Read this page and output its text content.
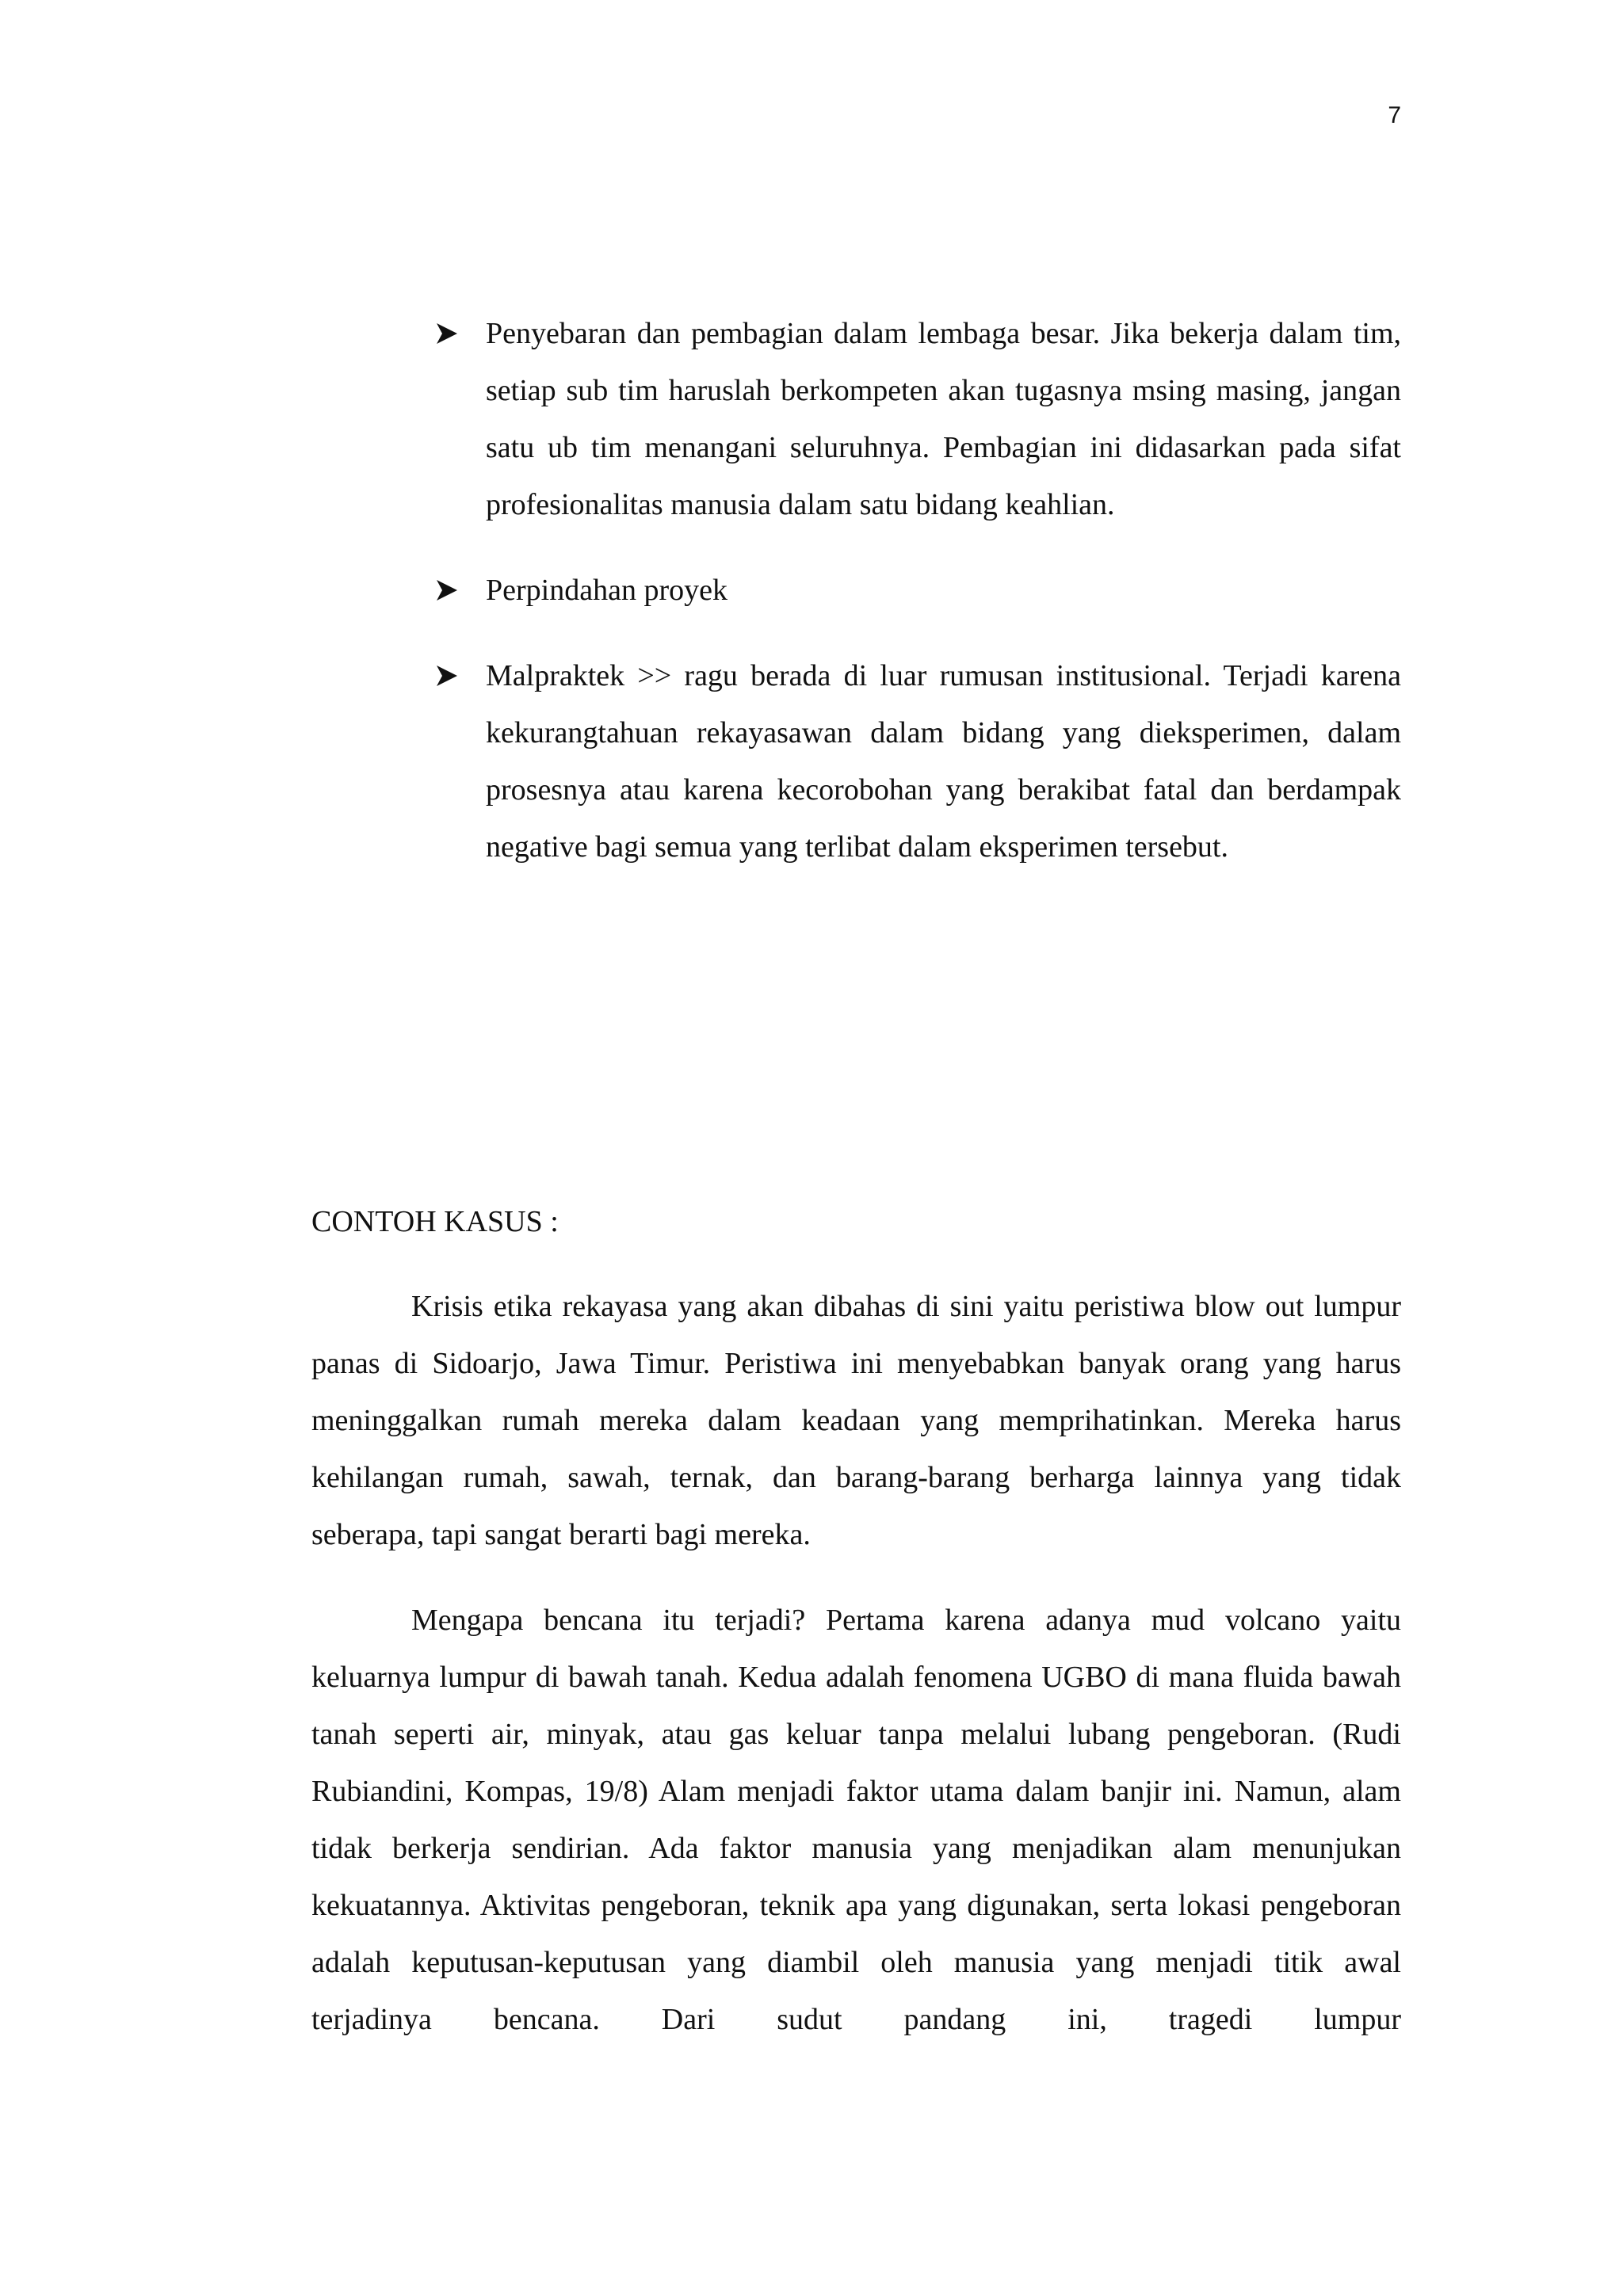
7
Penyebaran dan pembagian dalam lembaga besar. Jika bekerja dalam tim, setiap sub tim haruslah berkompeten akan tugasnya msing masing, jangan satu ub tim menangani seluruhnya. Pembagian ini didasarkan pada sifat profesionalitas manusia dalam satu bidang keahlian.
Perpindahan proyek
Malpraktek >> ragu berada di luar rumusan institusional. Terjadi karena kekurangtahuan rekayasawan dalam bidang yang dieksperimen, dalam prosesnya atau karena kecorobohan yang berakibat fatal dan berdampak negative bagi semua yang terlibat dalam eksperimen tersebut.
CONTOH KASUS :

Krisis etika rekayasa yang akan dibahas di sini yaitu peristiwa blow out lumpur panas di Sidoarjo, Jawa Timur. Peristiwa ini menyebabkan banyak orang yang harus meninggalkan rumah mereka dalam keadaan yang memprihatinkan. Mereka harus kehilangan rumah, sawah, ternak, dan barang-barang berharga lainnya yang tidak seberapa, tapi sangat berarti bagi mereka.

Mengapa bencana itu terjadi? Pertama karena adanya mud volcano yaitu keluarnya lumpur di bawah tanah. Kedua adalah fenomena UGBO di mana fluida bawah tanah seperti air, minyak, atau gas keluar tanpa melalui lubang pengeboran. (Rudi Rubiandini, Kompas, 19/8) Alam menjadi faktor utama dalam banjir ini. Namun, alam tidak berkerja sendirian. Ada faktor manusia yang menjadikan alam menunjukan kekuatannya. Aktivitas pengeboran, teknik apa yang digunakan, serta lokasi pengeboran adalah keputusan-keputusan yang diambil oleh manusia yang menjadi titik awal terjadinya bencana. Dari sudut pandang ini, tragedi lumpur
